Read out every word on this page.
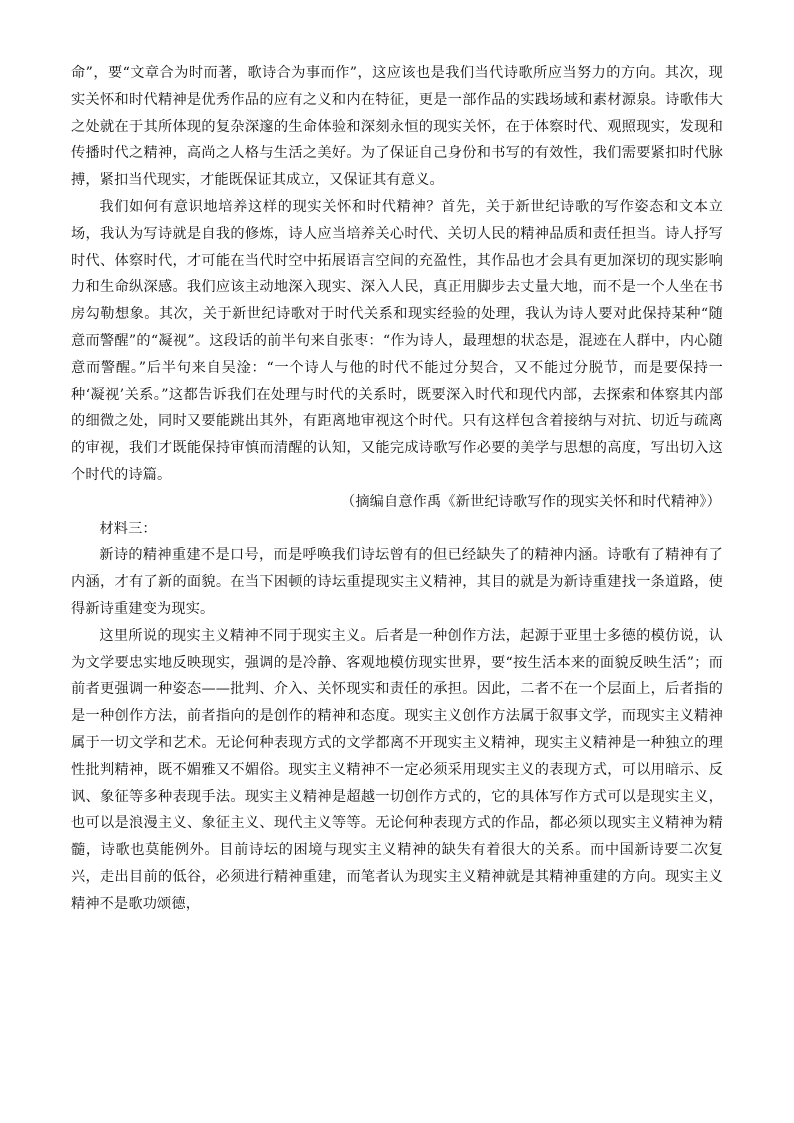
命”，要“文章合为时而著，歌诗合为事而作”，这应该也是我们当代诗歌所应当努力的方向。其次，现实关怀和时代精神是优秀作品的应有之义和内在特征，更是一部作品的实践场域和素材源泉。诗歌伟大之处就在于其所体现的复杂深邃的生命体验和深刻永恒的现实关怀，在于体察时代、观照现实，发现和传播时代之精神，高尚之人格与生活之美好。为了保证自己身份和书写的有效性，我们需要紧扣时代脉搏，紧扣当代现实，才能既保证其成立，又保证其有意义。

我们如何有意识地培养这样的现实关怀和时代精神？首先，关于新世纪诗歌的写作姿态和文本立场，我认为写诗就是自我的修炼，诗人应当培养关心时代、关切人民的精神品质和责任担当。诗人抒写时代、体察时代，才可能在当代时空中拓展语言空间的充盈性，其作品也才会具有更加深切的现实影响力和生命纵深感。我们应该主动地深入现实、深入人民，真正用脚步去丈量大地，而不是一个人坐在书房勾勒想象。其次，关于新世纪诗歌对于时代关系和现实经验的处理，我认为诗人要对此保持某种“随意而警醒”的“凝视”。这段话的前半句来自张枣：“作为诗人，最理想的状态是，混迹在人群中，内心随意而警醒。”后半句来自吴淦：“一个诗人与他的时代不能过分契合，又不能过分脱节，而是要保持一种‘凝视’关系。”这都告诉我们在处理与时代的关系时，既要深入时代和现代内部，去探索和体察其内部的细微之处，同时又要能跳出其外，有距离地审视这个时代。只有这样包含着接纳与对抗、切近与疏离的审视，我们才既能保持审慎而清醒的认知，又能完成诗歌写作必要的美学与思想的高度，写出切入这个时代的诗篇。

（摘编自意作禹《新世纪诗歌写作的现实关怀和时代精神》）

材料三：

新诗的精神重建不是口号，而是呼唤我们诗坛曾有的但已经缺失了的精神内涵。诗歌有了精神有了内涵，才有了新的面貌。在当下困顿的诗坛重提现实主义精神，其目的就是为新诗重建找一条道路，使得新诗重建变为现实。

这里所说的现实主义精神不同于现实主义。后者是一种创作方法，起源于亚里士多德的模仿说，认为文学要忠实地反映现实，强调的是冷静、客观地模仿现实世界，要“按生活本来的面貌反映生活”；而前者更强调一种姿态——批判、介入、关怀现实和责任的承担。因此，二者不在一个层面上，后者指的是一种创作方法，前者指向的是创作的精神和态度。现实主义创作方法属于叙事文学，而现实主义精神属于一切文学和艺术。无论何种表现方式的文学都离不开现实主义精神，现实主义精神是一种独立的理性批判精神，既不媚雅又不媚俗。现实主义精神不一定必须采用现实主义的表现方式，可以用暗示、反讽、象征等多种表现手法。现实主义精神是超越一切创作方式的，它的具体写作方式可以是现实主义，也可以是浪漫主义、象征主义、现代主义等等。无论何种表现方式的作品，都必须以现实主义精神为精髓，诗歌也莫能例外。目前诗坛的困境与现实主义精神的缺失有着很大的关系。而中国新诗要二次复兴，走出目前的低谷，必须进行精神重建，而笔者认为现实主义精神就是其精神重建的方向。现实主义精神不是歌功颂德，
